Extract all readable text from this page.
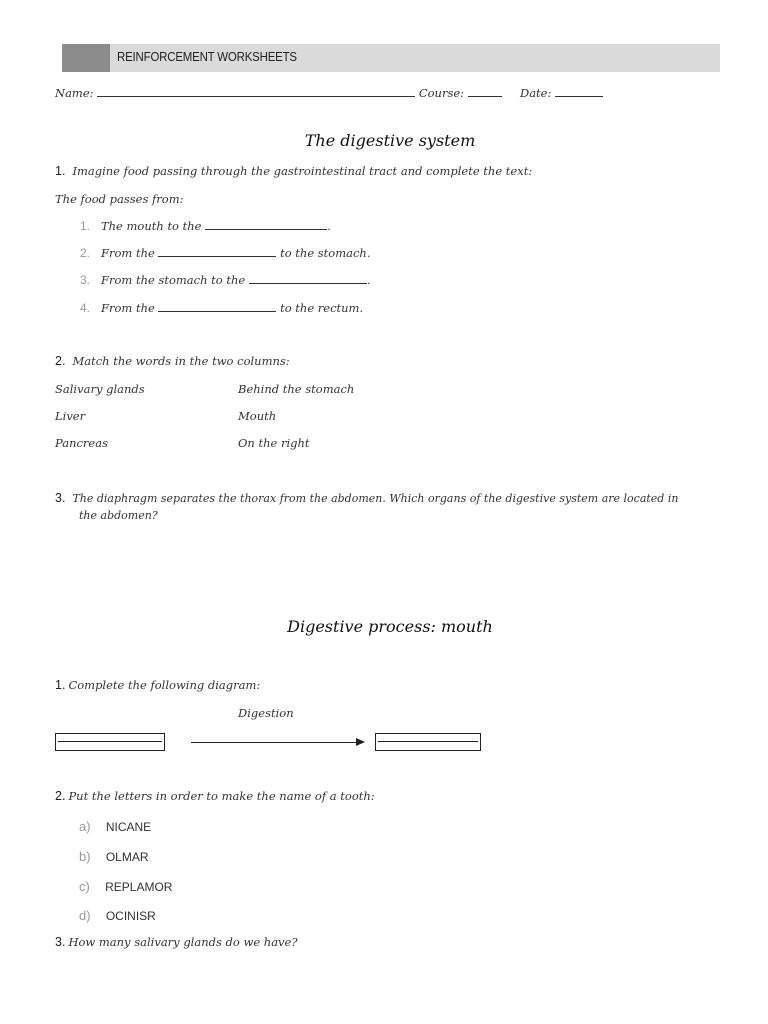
REINFORCEMENT WORKSHEETS
Name:	Course:	Date:
The digestive system
1. Imagine food passing through the gastrointestinal tract and complete the text:
The food passes from:
1. The mouth to the	.
2. From the	to the stomach.
3. From the stomach to the	.
4. From the	to the rectum.
2. Match the words in the two columns:
Salivary glands	Behind the stomach
Liver	Mouth
Pancreas	On the right
3. The diaphragm separates the thorax from the abdomen. Which organs of the digestive system are located in
the abdomen?
Digestive process: mouth
1. Complete the following diagram:
Digestion
2. Put the letters in order to make the name of a tooth:
a) NICANE
b) OLMAR
c) REPLAMOR
d) OCINISR
3. How many salivary glands do we have?
